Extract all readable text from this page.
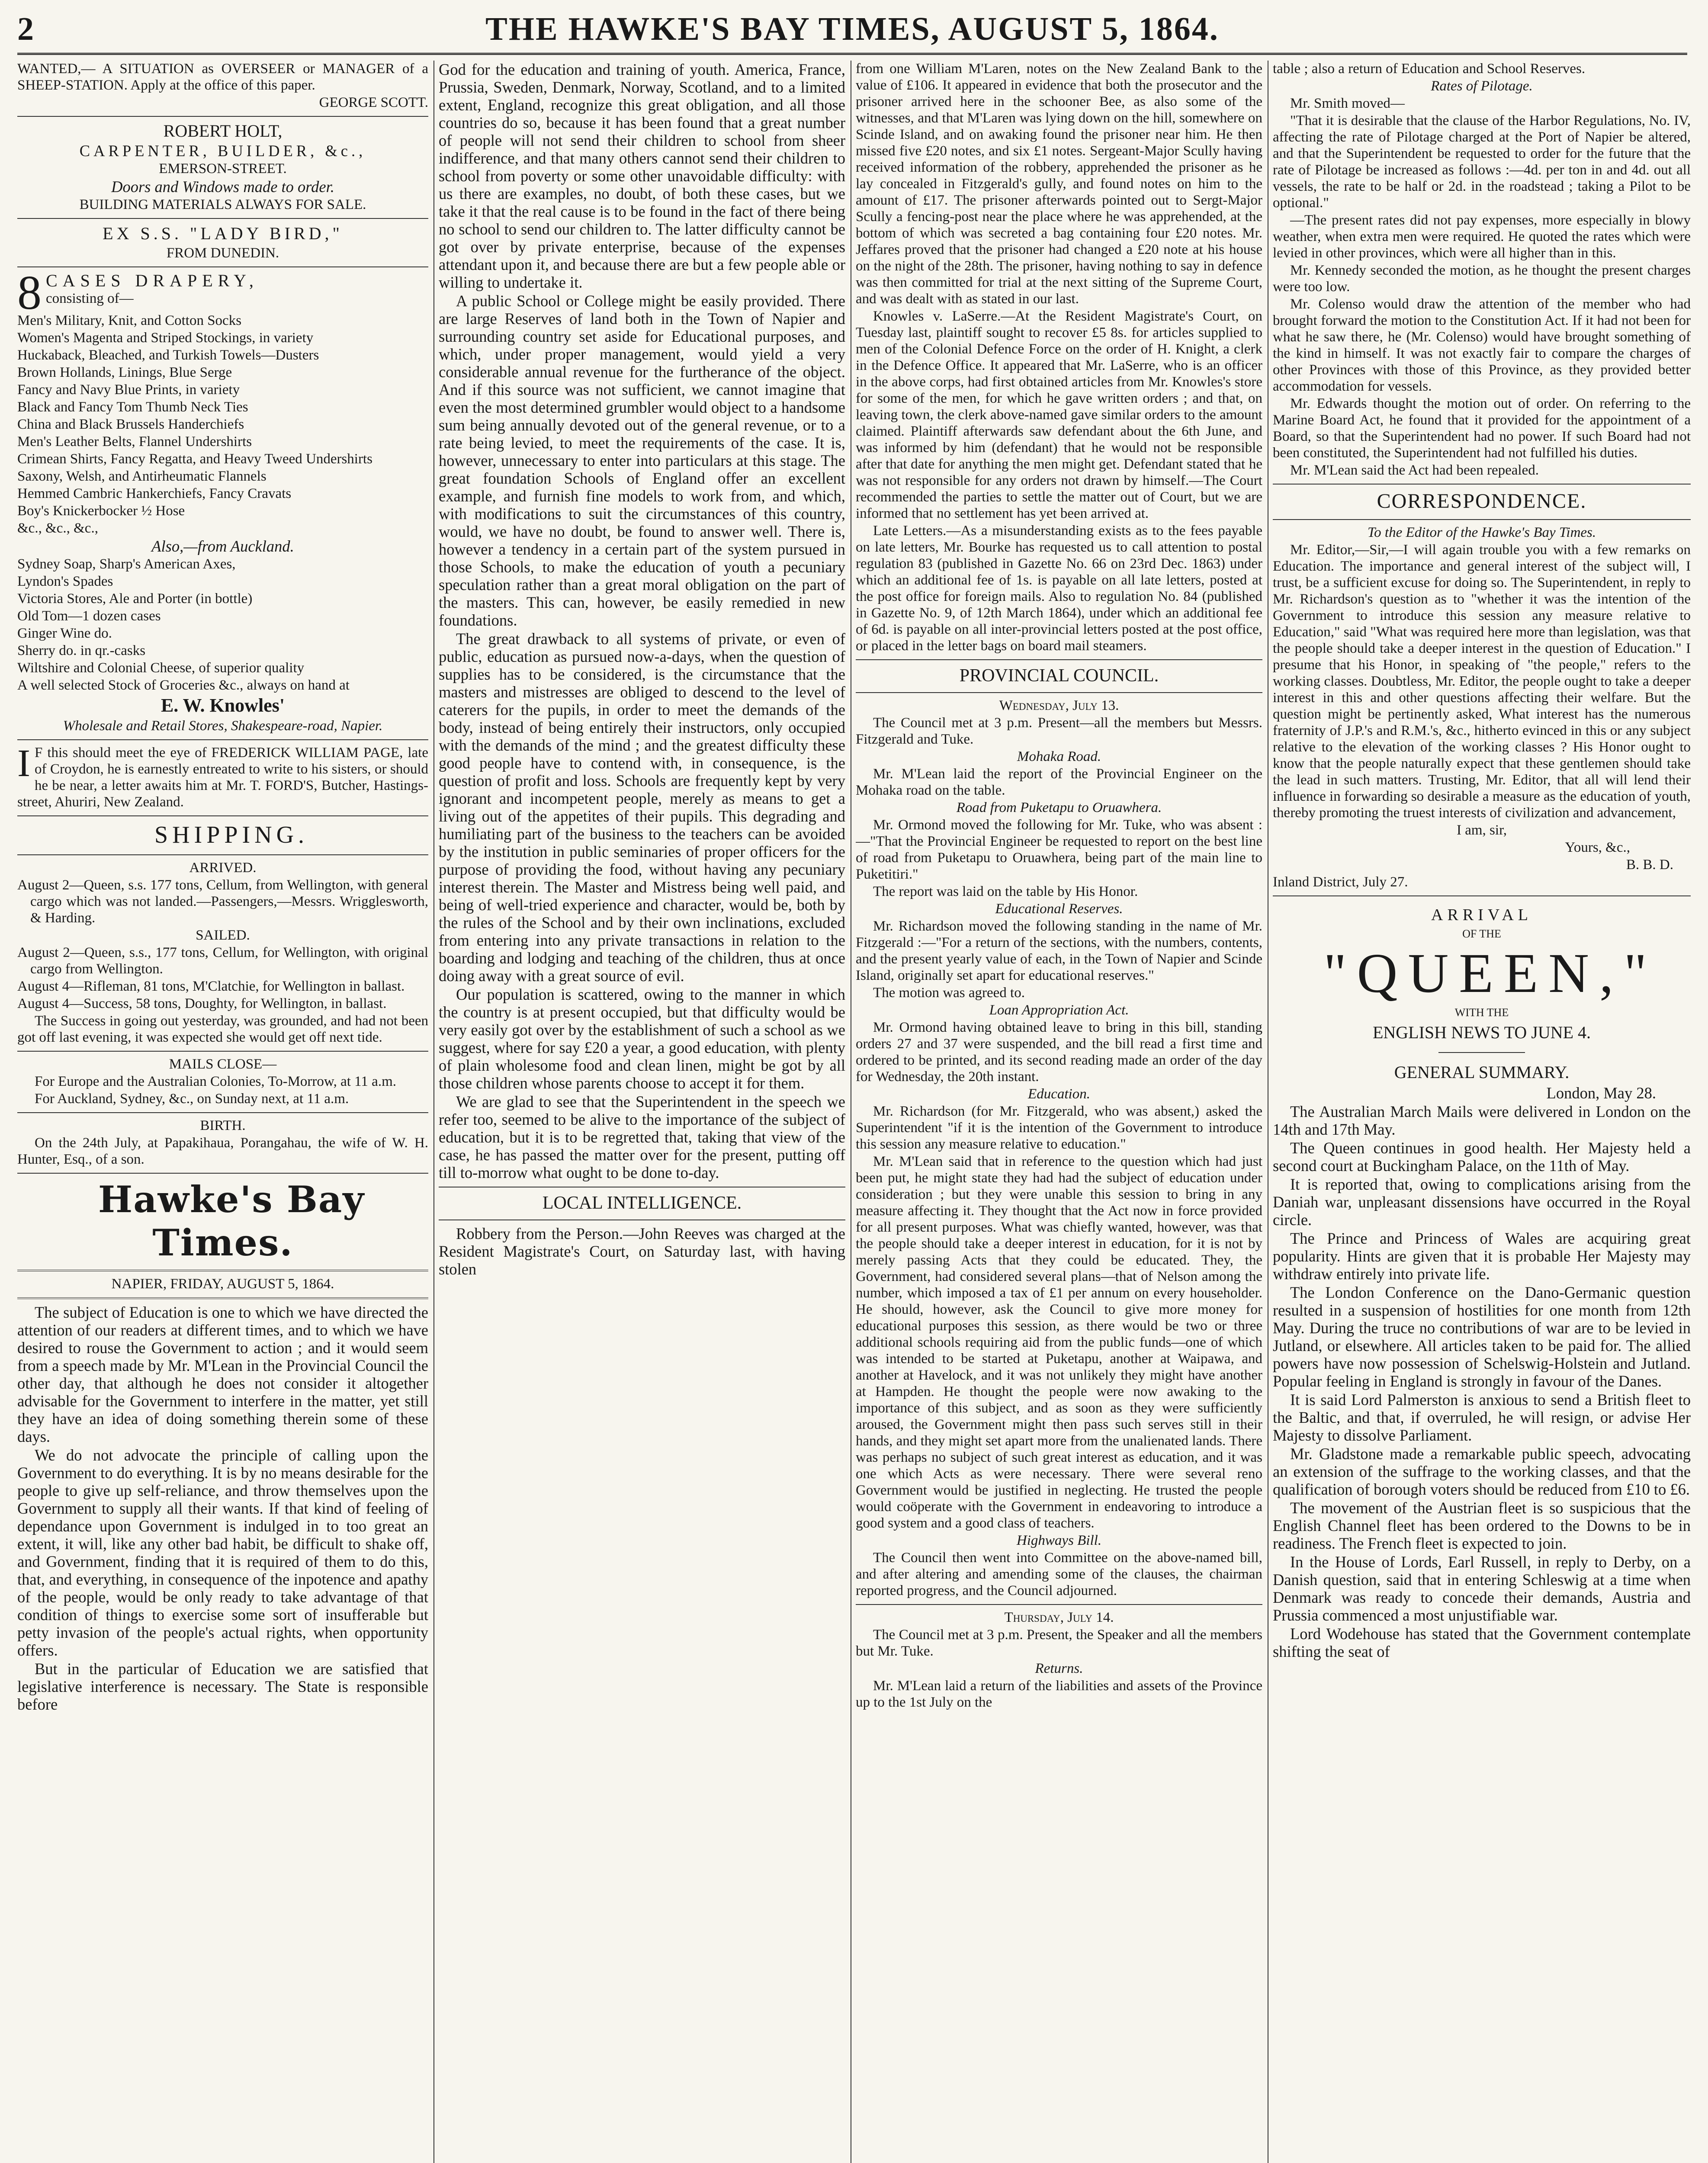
2	THE HAWKE'S BAY TIMES, AUGUST 5, 1864.

WANTED,— A SITUATION as OVERSEER or MANAGER of a SHEEP-STATION. Apply at the office of this paper.

GEORGE SCOTT.

ROBERT HOLT,

CARPENTER, BUILDER, &c.,

EMERSON-STREET.

Doors and Windows made to order.

BUILDING MATERIALS ALWAYS FOR SALE.

EX S.S. "LADY BIRD,"

FROM DUNEDIN.

8 CASES DRAPERY,

consisting of—

Men's Military, Knit, and Cotton Socks

Women's Magenta and Striped Stockings, in variety

Huckaback, Bleached, and Turkish Towels—Dusters

Brown Hollands, Linings, Blue Serge

Fancy and Navy Blue Prints, in variety

Black and Fancy Tom Thumb Neck Ties

China and Black Brussels Handerchiefs

Men's Leather Belts, Flannel Undershirts

Crimean Shirts, Fancy Regatta, and Heavy Tweed Undershirts

Saxony, Welsh, and Antirheumatic Flannels

Hemmed Cambric Hankerchiefs, Fancy Cravats

Boy's Knickerbocker ½ Hose

&c., &c., &c.,

Also,—from Auckland.

Sydney Soap, Sharp's American Axes,

Lyndon's Spades

Victoria Stores, Ale and Porter (in bottle)

Old Tom—1 dozen cases

Ginger Wine do.

Sherry do. in qr.-casks

Wiltshire and Colonial Cheese, of superior quality

A well selected Stock of Groceries &c., always on hand at

E. W. Knowles'

Wholesale and Retail Stores, Shakespeare-road, Napier.

I F this should meet the eye of FREDERICK WILLIAM PAGE, late of Croydon, he is earnestly entreated to write to his sisters, or should he be near, a letter awaits him at Mr. T. FORD'S, Butcher, Hastings-street, Ahuriri, New Zealand.

SHIPPING.

ARRIVED.

August 2—Queen, s.s. 177 tons, Cellum, from Wellington, with general cargo which was not landed.—Passengers,—Messrs. Wrigglesworth, & Harding.

SAILED.

August 2—Queen, s.s., 177 tons, Cellum, for Wellington, with original cargo from Wellington.

August 4—Rifleman, 81 tons, M'Clatchie, for Wellington in ballast.

August 4—Success, 58 tons, Doughty, for Wellington, in ballast.

The Success in going out yesterday, was grounded, and had not been got off last evening, it was expected she would get off next tide.

MAILS CLOSE—

For Europe and the Australian Colonies, To-Morrow, at 11 a.m.

For Auckland, Sydney, &c., on Sunday next, at 11 a.m.

BIRTH.

On the 24th July, at Papakihaua, Porangahau, the wife of W. H. Hunter, Esq., of a son.

Hawke's Bay Times.

NAPIER, FRIDAY, AUGUST 5, 1864.

The subject of Education is one to which we have directed the attention of our readers at different times, and to which we have desired to rouse the Government to action ; and it would seem from a speech made by Mr. M'Lean in the Provincial Council the other day, that although he does not consider it altogether advisable for the Government to interfere in the matter, yet still they have an idea of doing something therein some of these days.

We do not advocate the principle of calling upon the Government to do everything. It is by no means desirable for the people to give up self-reliance, and throw themselves upon the Government to supply all their wants. If that kind of feeling of dependance upon Government is indulged in to too great an extent, it will, like any other bad habit, be difficult to shake off, and Government, finding that it is required of them to do this, that, and everything, in consequence of the inpotence and apathy of the people, would be only ready to take advantage of that condition of things to exercise some sort of insufferable but petty invasion of the people's actual rights, when opportunity offers.

But in the particular of Education we are satisfied that legislative interference is necessary. The State is responsible before

God for the education and training of youth. America, France, Prussia, Sweden, Denmark, Norway, Scotland, and to a limited extent, England, recognize this great obligation, and all those countries do so, because it has been found that a great number of people will not send their children to school from sheer indifference, and that many others cannot send their children to school from poverty or some other unavoidable difficulty: with us there are examples, no doubt, of both these cases, but we take it that the real cause is to be found in the fact of there being no school to send our children to. The latter difficulty cannot be got over by private enterprise, because of the expenses attendant upon it, and because there are but a few people able or willing to undertake it.

A public School or College might be easily provided. There are large Reserves of land both in the Town of Napier and surrounding country set aside for Educational purposes, and which, under proper management, would yield a very considerable annual revenue for the furtherance of the object. And if this source was not sufficient, we cannot imagine that even the most determined grumbler would object to a handsome sum being annually devoted out of the general revenue, or to a rate being levied, to meet the requirements of the case. It is, however, unnecessary to enter into particulars at this stage. The great foundation Schools of England offer an excellent example, and furnish fine models to work from, and which, with modifications to suit the circumstances of this country, would, we have no doubt, be found to answer well. There is, however a tendency in a certain part of the system pursued in those Schools, to make the education of youth a pecuniary speculation rather than a great moral obligation on the part of the masters. This can, however, be easily remedied in new foundations.

The great drawback to all systems of private, or even of public, education as pursued now-a-days, when the question of supplies has to be considered, is the circumstance that the masters and mistresses are obliged to descend to the level of caterers for the pupils, in order to meet the demands of the body, instead of being entirely their instructors, only occupied with the demands of the mind ; and the greatest difficulty these good people have to contend with, in consequence, is the question of profit and loss. Schools are frequently kept by very ignorant and incompetent people, merely as means to get a living out of the appetites of their pupils. This degrading and humiliating part of the business to the teachers can be avoided by the institution in public seminaries of proper officers for the purpose of providing the food, without having any pecuniary interest therein. The Master and Mistress being well paid, and being of well-tried experience and character, would be, both by the rules of the School and by their own inclinations, excluded from entering into any private transactions in relation to the boarding and lodging and teaching of the children, thus at once doing away with a great source of evil.

Our population is scattered, owing to the manner in which the country is at present occupied, but that difficulty would be very easily got over by the establishment of such a school as we suggest, where for say £20 a year, a good education, with plenty of plain wholesome food and clean linen, might be got by all those children whose parents choose to accept it for them.

We are glad to see that the Superintendent in the speech we refer too, seemed to be alive to the importance of the subject of education, but it is to be regretted that, taking that view of the case, he has passed the matter over for the present, putting off till to-morrow what ought to be done to-day.

LOCAL INTELLIGENCE.

Robbery from the Person.—John Reeves was charged at the Resident Magistrate's Court, on Saturday last, with having stolen

from one William M'Laren, notes on the New Zealand Bank to the value of £106. It appeared in evidence that both the prosecutor and the prisoner arrived here in the schooner Bee, as also some of the witnesses, and that M'Laren was lying down on the hill, somewhere on Scinde Island, and on awaking found the prisoner near him. He then missed five £20 notes, and six £1 notes. Sergeant-Major Scully having received information of the robbery, apprehended the prisoner as he lay concealed in Fitzgerald's gully, and found notes on him to the amount of £17. The prisoner afterwards pointed out to Sergt-Major Scully a fencing-post near the place where he was apprehended, at the bottom of which was secreted a bag containing four £20 notes. Mr. Jeffares proved that the prisoner had changed a £20 note at his house on the night of the 28th. The prisoner, having nothing to say in defence was then committed for trial at the next sitting of the Supreme Court, and was dealt with as stated in our last.

Knowles v. LaSerre.—At the Resident Magistrate's Court, on Tuesday last, plaintiff sought to recover £5 8s. for articles supplied to men of the Colonial Defence Force on the order of H. Knight, a clerk in the Defence Office. It appeared that Mr. LaSerre, who is an officer in the above corps, had first obtained articles from Mr. Knowles's store for some of the men, for which he gave written orders ; and that, on leaving town, the clerk above-named gave similar orders to the amount claimed. Plaintiff afterwards saw defendant about the 6th June, and was informed by him (defendant) that he would not be responsible after that date for anything the men might get. Defendant stated that he was not responsible for any orders not drawn by himself.—The Court recommended the parties to settle the matter out of Court, but we are informed that no settlement has yet been arrived at.

Late Letters.—As a misunderstanding exists as to the fees payable on late letters, Mr. Bourke has requested us to call attention to postal regulation 83 (published in Gazette No. 66 on 23rd Dec. 1863) under which an additional fee of 1s. is payable on all late letters, posted at the post office for foreign mails. Also to regulation No. 84 (published in Gazette No. 9, of 12th March 1864), under which an additional fee of 6d. is payable on all inter-provincial letters posted at the post office, or placed in the letter bags on board mail steamers.

PROVINCIAL COUNCIL.

Wednesday, July 13.

The Council met at 3 p.m. Present—all the members but Messrs. Fitzgerald and Tuke.

Mohaka Road.

Mr. M'Lean laid the report of the Provincial Engineer on the Mohaka road on the table.

Road from Puketapu to Oruawhera.

Mr. Ormond moved the following for Mr. Tuke, who was absent :—"That the Provincial Engineer be requested to report on the best line of road from Puketapu to Oruawhera, being part of the main line to Puketitiri."

The report was laid on the table by His Honor.

Educational Reserves.

Mr. Richardson moved the following standing in the name of Mr. Fitzgerald :—"For a return of the sections, with the numbers, contents, and the present yearly value of each, in the Town of Napier and Scinde Island, originally set apart for educational reserves."

The motion was agreed to.

Loan Appropriation Act.

Mr. Ormond having obtained leave to bring in this bill, standing orders 27 and 37 were suspended, and the bill read a first time and ordered to be printed, and its second reading made an order of the day for Wednesday, the 20th instant.

Education.

Mr. Richardson (for Mr. Fitzgerald, who was absent,) asked the Superintendent "if it is the intention of the Government to introduce this session any measure relative to education."

Mr. M'Lean said that in reference to the question which had just been put, he might state they had had the subject of education under consideration ; but they were unable this session to bring in any measure affecting it. They thought that the Act now in force provided for all present purposes. What was chiefly wanted, however, was that the people should take a deeper interest in education, for it is not by merely passing Acts that they could be educated. They, the Government, had considered several plans—that of Nelson among the number, which imposed a tax of £1 per annum on every householder. He should, however, ask the Council to give more money for educational purposes this session, as there would be two or three additional schools requiring aid from the public funds—one of which was intended to be started at Puketapu, another at Waipawa, and another at Havelock, and it was not unlikely they might have another at Hampden. He thought the people were now awaking to the importance of this subject, and as soon as they were sufficiently aroused, the Government might then pass such serves still in their hands, and they might set apart more from the unalienated lands. There was perhaps no subject of such great interest as education, and it was one which Acts as were necessary. There were several reno Government would be justified in neglecting. He trusted the people would coöperate with the Government in endeavoring to introduce a good system and a good class of teachers.

Highways Bill.

The Council then went into Committee on the above-named bill, and after altering and amending some of the clauses, the chairman reported progress, and the Council adjourned.

Thursday, July 14.

The Council met at 3 p.m. Present, the Speaker and all the members but Mr. Tuke.

Returns.

Mr. M'Lean laid a return of the liabilities and assets of the Province up to the 1st July on the

table ; also a return of Education and School Reserves.

Rates of Pilotage.

Mr. Smith moved—

"That it is desirable that the clause of the Harbor Regulations, No. IV, affecting the rate of Pilotage charged at the Port of Napier be altered, and that the Superintendent be requested to order for the future that the rate of Pilotage be increased as follows :—4d. per ton in and 4d. out all vessels, the rate to be half or 2d. in the roadstead ; taking a Pilot to be optional."

—The present rates did not pay expenses, more especially in blowy weather, when extra men were required. He quoted the rates which were levied in other provinces, which were all higher than in this.

Mr. Kennedy seconded the motion, as he thought the present charges were too low.

Mr. Colenso would draw the attention of the member who had brought forward the motion to the Constitution Act. If it had not been for what he saw there, he (Mr. Colenso) would have brought something of the kind in himself. It was not exactly fair to compare the charges of other Provinces with those of this Province, as they provided better accommodation for vessels.

Mr. Edwards thought the motion out of order. On referring to the Marine Board Act, he found that it provided for the appointment of a Board, so that the Superintendent had no power. If such Board had not been constituted, the Superintendent had not fulfilled his duties.

Mr. M'Lean said the Act had been repealed.

CORRESPONDENCE.

To the Editor of the Hawke's Bay Times.

Mr. Editor,—Sir,—I will again trouble you with a few remarks on Education. The importance and general interest of the subject will, I trust, be a sufficient excuse for doing so. The Superintendent, in reply to Mr. Richardson's question as to "whether it was the intention of the Government to introduce this session any measure relative to Education," said "What was required here more than legislation, was that the people should take a deeper interest in the question of Education." I presume that his Honor, in speaking of "the people," refers to the working classes. Doubtless, Mr. Editor, the people ought to take a deeper interest in this and other questions affecting their welfare. But the question might be pertinently asked, What interest has the numerous fraternity of J.P.'s and R.M.'s, &c., hitherto evinced in this or any subject relative to the elevation of the working classes ? His Honor ought to know that the people naturally expect that these gentlemen should take the lead in such matters. Trusting, Mr. Editor, that all will lend their influence in forwarding so desirable a measure as the education of youth, thereby promoting the truest interests of civilization and advancement,

I am, sir,

Yours, &c.,

B. B. D.

Inland District, July 27.

ARRIVAL

OF THE

"QUEEN,"

WITH THE

ENGLISH NEWS TO JUNE 4.

GENERAL SUMMARY.

London, May 28.

The Australian March Mails were delivered in London on the 14th and 17th May.

The Queen continues in good health. Her Majesty held a second court at Buckingham Palace, on the 11th of May.

It is reported that, owing to complications arising from the Daniah war, unpleasant dissensions have occurred in the Royal circle.

The Prince and Princess of Wales are acquiring great popularity. Hints are given that it is probable Her Majesty may withdraw entirely into private life.

The London Conference on the Dano-Germanic question resulted in a suspension of hostilities for one month from 12th May. During the truce no contributions of war are to be levied in Jutland, or elsewhere. All articles taken to be paid for. The allied powers have now possession of Schelswig-Holstein and Jutland. Popular feeling in England is strongly in favour of the Danes.

It is said Lord Palmerston is anxious to send a British fleet to the Baltic, and that, if overruled, he will resign, or advise Her Majesty to dissolve Parliament.

Mr. Gladstone made a remarkable public speech, advocating an extension of the suffrage to the working classes, and that the qualification of borough voters should be reduced from £10 to £6.

The movement of the Austrian fleet is so suspicious that the English Channel fleet has been ordered to the Downs to be in readiness. The French fleet is expected to join.

In the House of Lords, Earl Russell, in reply to Derby, on a Danish question, said that in entering Schleswig at a time when Denmark was ready to concede their demands, Austria and Prussia commenced a most unjustifiable war.

Lord Wodehouse has stated that the Government contemplate shifting the seat of
